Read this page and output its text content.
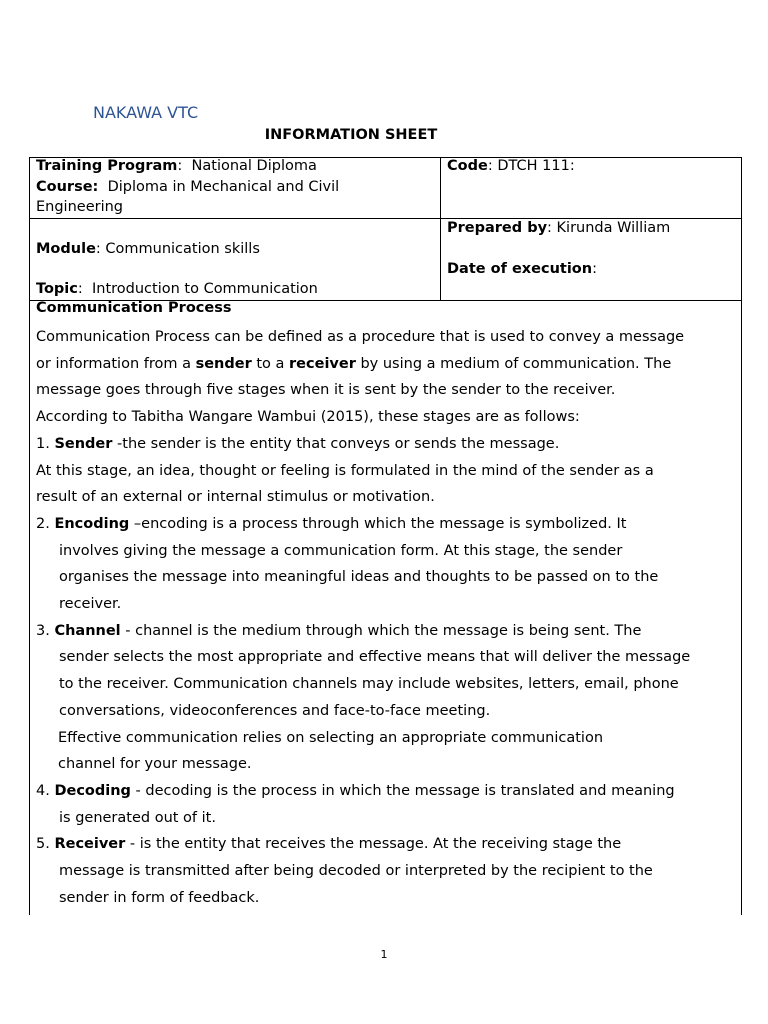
NAKAWA VTC
INFORMATION SHEET
Training Program:  National Diploma
Course: Diploma in Mechanical and Civil
Engineering
Code: DTCH 111:
Module: Communication skills
Topic:  Introduction to Communication
Prepared by: Kirunda William
Date of execution:
Communication Process

Communication Process can be defined as a procedure that is used to convey a message

or information from a sender to a receiver by using a medium of communication. The

message goes through five stages when it is sent by the sender to the receiver.

According to Tabitha Wangare Wambui (2015), these stages are as follows:

1. Sender -the sender is the entity that conveys or sends the message.

At this stage, an idea, thought or feeling is formulated in the mind of the sender as a

result of an external or internal stimulus or motivation.

2. Encoding –encoding is a process through which the message is symbolized. It

involves giving the message a communication form. At this stage, the sender

organises the message into meaningful ideas and thoughts to be passed on to the

receiver.

3. Channel - channel is the medium through which the message is being sent. The

sender selects the most appropriate and effective means that will deliver the message

to the receiver. Communication channels may include websites, letters, email, phone

conversations, videoconferences and face-to-face meeting.

Effective communication relies on selecting an appropriate communication

channel for your message.

4. Decoding - decoding is the process in which the message is translated and meaning

is generated out of it.

5. Receiver - is the entity that receives the message. At the receiving stage the

message is transmitted after being decoded or interpreted by the recipient to the

sender in form of feedback.

1
